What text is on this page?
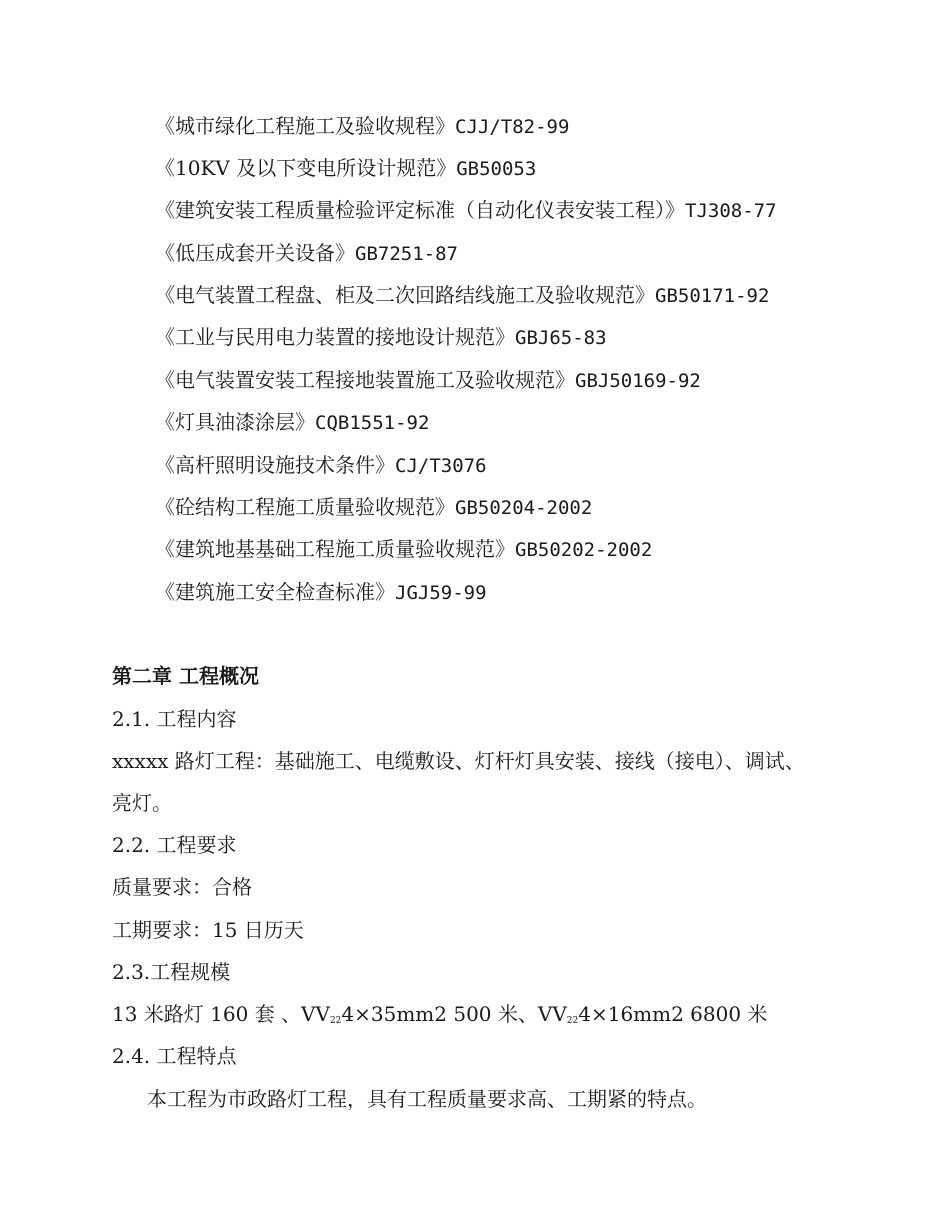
《城市绿化工程施工及验收规程》CJJ/T82-99
《10KV 及以下变电所设计规范》GB50053
《建筑安装工程质量检验评定标准（自动化仪表安装工程）》TJ308-77
《低压成套开关设备》GB7251-87
《电气装置工程盘、柜及二次回路结线施工及验收规范》GB50171-92
《工业与民用电力装置的接地设计规范》GBJ65-83
《电气装置安装工程接地装置施工及验收规范》GBJ50169-92
《灯具油漆涂层》CQB1551-92
《高杆照明设施技术条件》CJ/T3076
《砼结构工程施工质量验收规范》GB50204-2002
《建筑地基基础工程施工质量验收规范》GB50202-2002
《建筑施工安全检查标准》JGJ59-99
第二章 工程概况
2.1. 工程内容
xxxxx 路灯工程：基础施工、电缆敷设、灯杆灯具安装、接线（接电）、调试、
亮灯。
2.2. 工程要求
质量要求：合格
工期要求：15 日历天
2.3.工程规模
13 米路灯 160 套 、$VV_{22}4\times 35mm2$ 500 米、$VV_{22}4\times 16mm2$ 6800 米
2.4. 工程特点
本工程为市政路灯工程，具有工程质量要求高、工期紧的特点。
